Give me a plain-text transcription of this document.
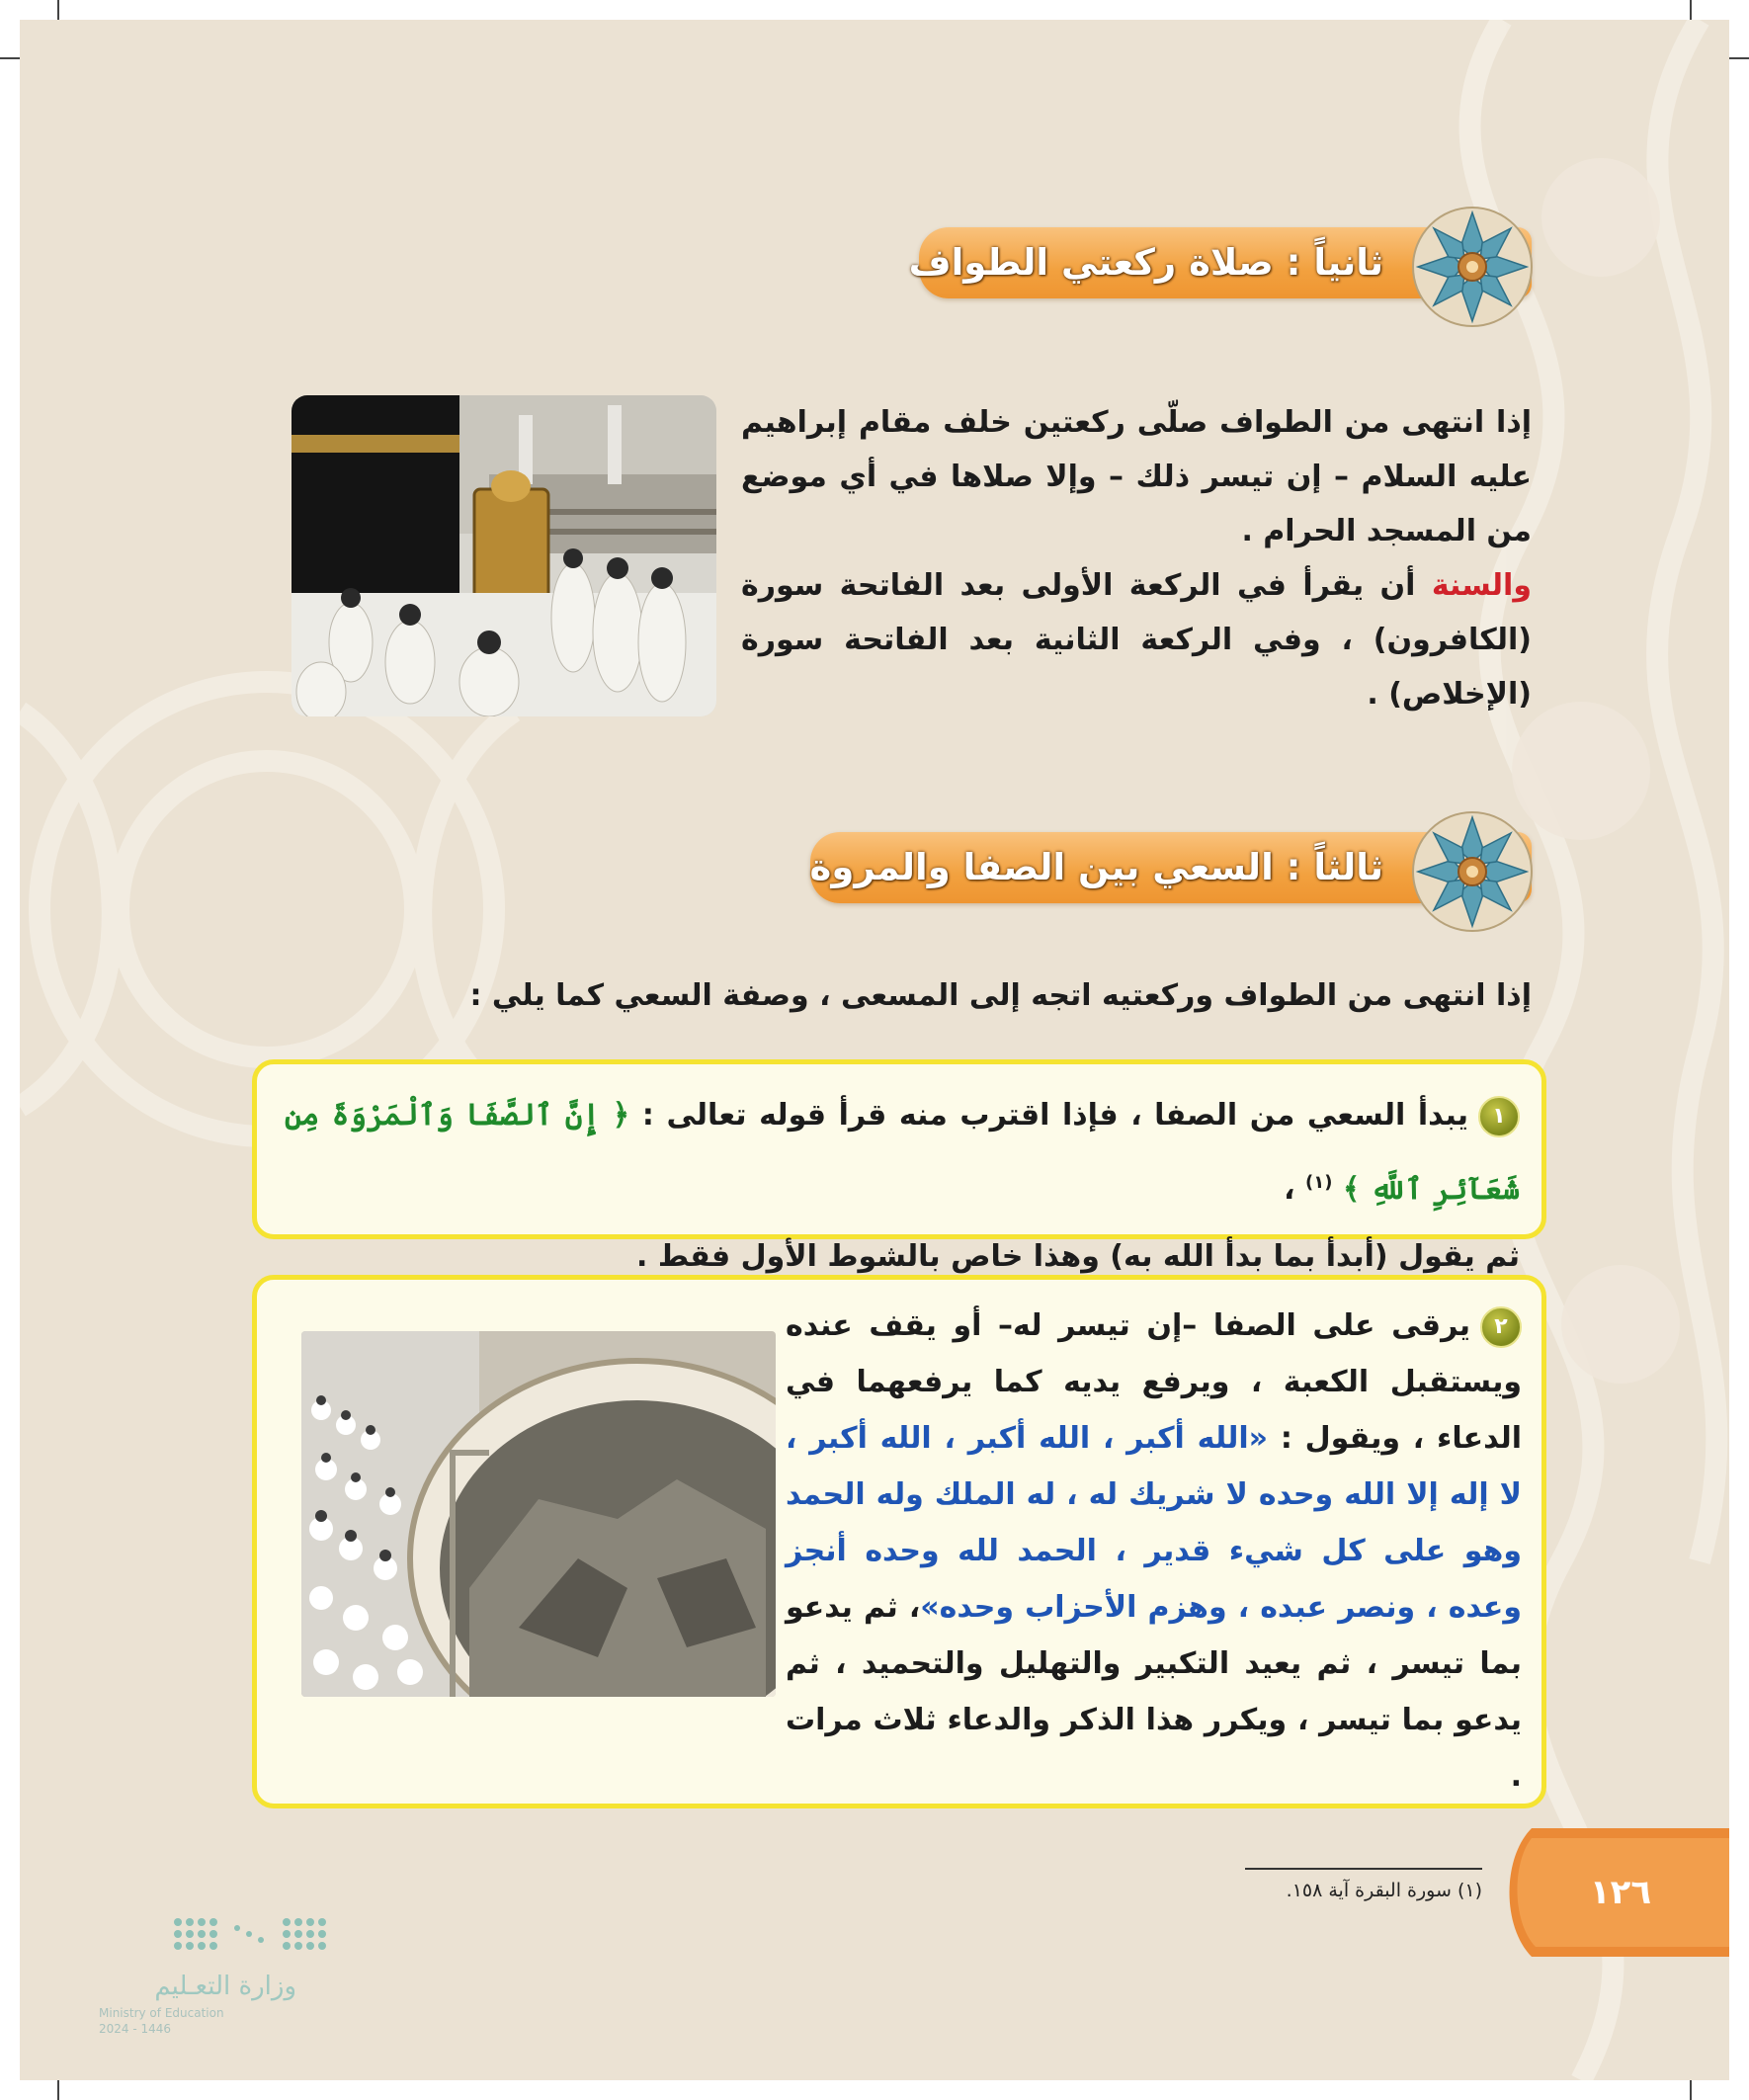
ثانياً : صلاة ركعتي الطواف

إذا انتهى من الطواف صلّى ركعتين خلف مقام إبراهيم عليه السلام – إن تيسر ذلك – وإلا صلاها في أي موضع من المسجد الحرام .

والسنة أن يقرأ في الركعة الأولى بعد الفاتحة سورة (الكافرون) ، وفي الركعة الثانية بعد الفاتحة سورة (الإخلاص) .

ثالثاً : السعي بين الصفا والمروة
إذا انتهى من الطواف وركعتيه اتجه إلى المسعى ، وصفة السعي كما يلي :

١يبدأ السعي من الصفا ، فإذا اقترب منه قرأ قوله تعالى : ﴿ إِنَّ ٱلصَّفَا وَٱلْمَرْوَةَ مِن شَعَآئِرِ ٱللَّهِ ﴾ $^{(١)}$ ،

ثم يقول (أبدأ بما بدأ الله به) وهذا خاص بالشوط الأول فقط .

٢يرقى على الصفا –إن تيسر له– أو يقف عنده ويستقبل الكعبة ، ويرفع يديه كما يرفعهما في الدعاء ، ويقول : «الله أكبر ، الله أكبر ، الله أكبر ، لا إله إلا الله وحده لا شريك له ، له الملك وله الحمد وهو على كل شيء قدير ، الحمد لله وحده أنجز وعده ، ونصر عبده ، وهزم الأحزاب وحده»، ثم يدعو بما تيسر ، ثم يعيد التكبير والتهليل والتحميد ، ثم يدعو بما تيسر ، ويكرر هذا الذكر والدعاء ثلاث مرات .

(١) سورة البقرة آية ١٥٨.	١٢٦
وزارة التعـليم
Ministry of Education
2024 - 1446
